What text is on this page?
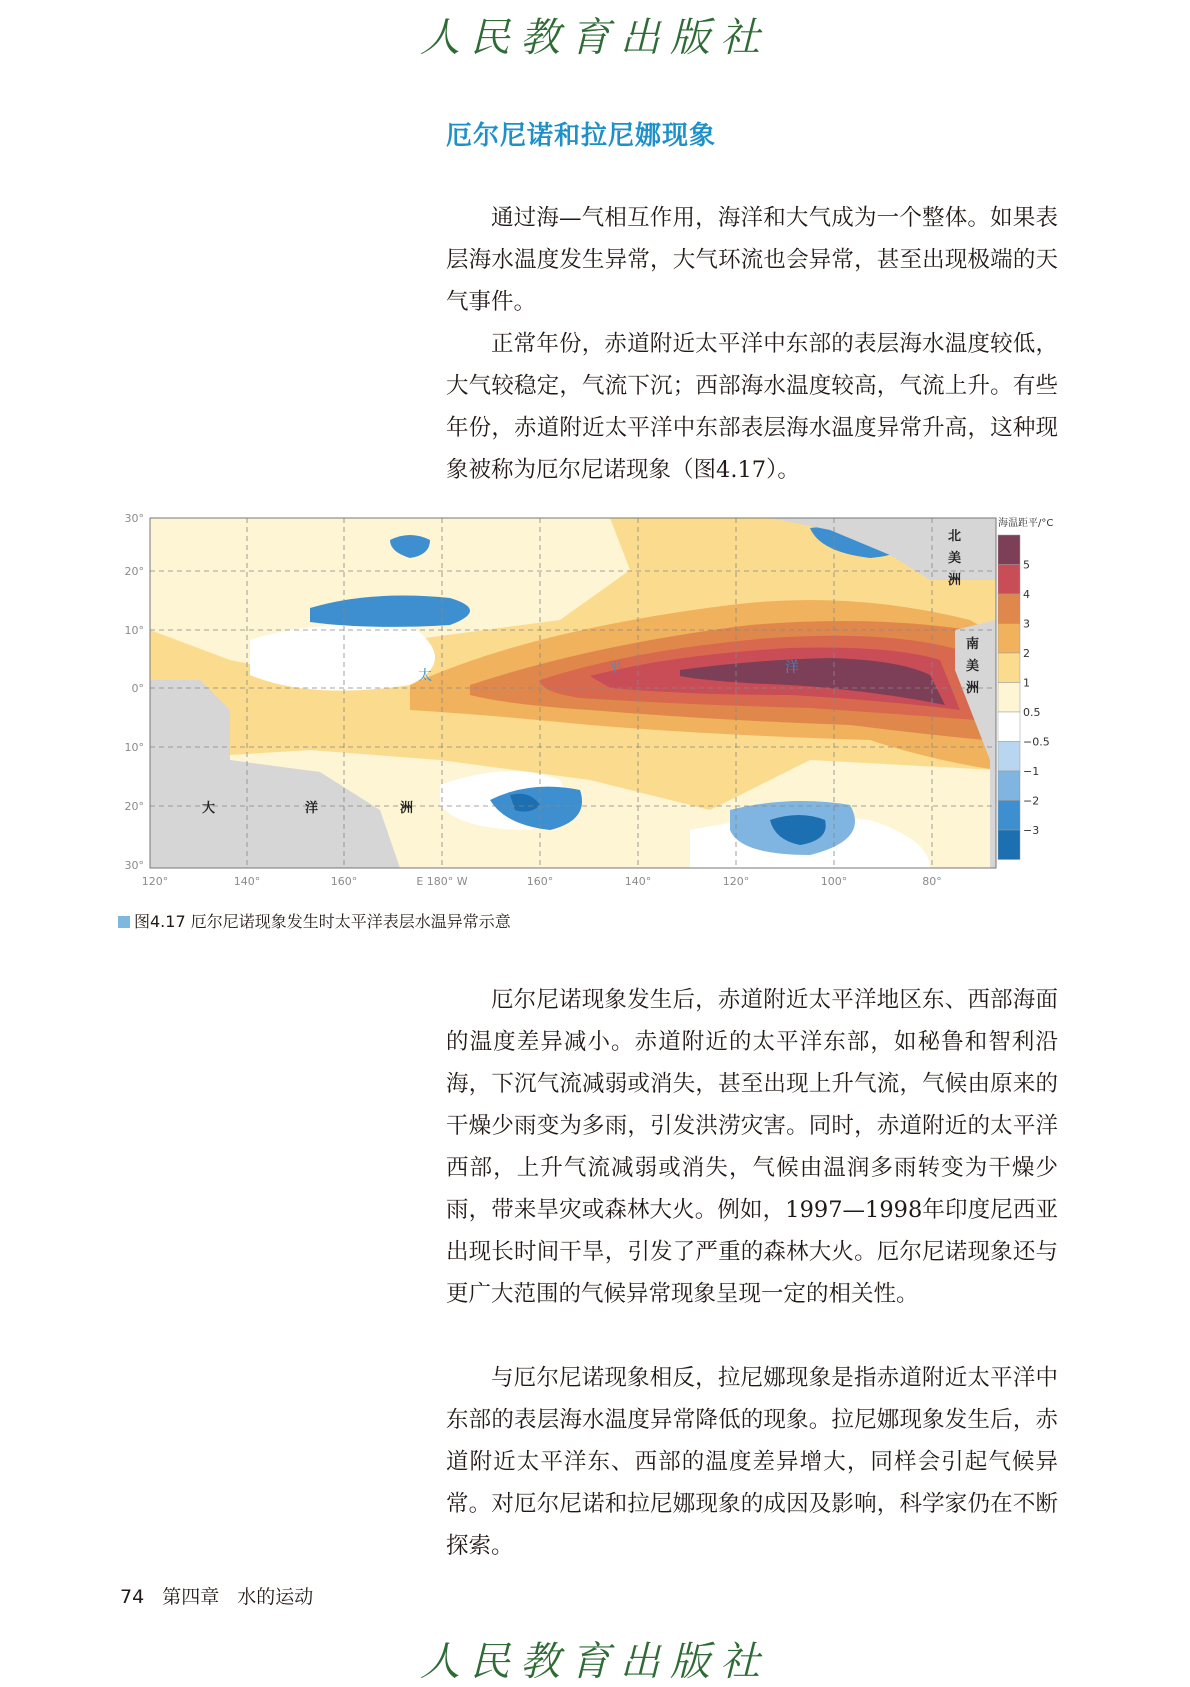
人民教育出版社
厄尔尼诺和拉尼娜现象

通过海—气相互作用，海洋和大气成为一个整体。如果表层海水温度发生异常，大气环流也会异常，甚至出现极端的天气事件。

正常年份，赤道附近太平洋中东部的表层海水温度较低，大气较稳定，气流下沉；西部海水温度较高，气流上升。有些年份，赤道附近太平洋中东部表层海水温度异常升高，这种现象被称为厄尔尼诺现象（图4.17）。

30°
20°
10°
0°
10°
20°
30°
120°	140°	160°	E 180° W	160°	140°	120°	100°	80°
北
美
洲
南
美
洲
大	洋	洲
太	平	洋
海温距平/°C
5
4
3
2
1
0.5
−0.5
−1
−2
−3
图4.17 厄尔尼诺现象发生时太平洋表层水温异常示意

厄尔尼诺现象发生后，赤道附近太平洋地区东、西部海面的温度差异减小。赤道附近的太平洋东部，如秘鲁和智利沿海，下沉气流减弱或消失，甚至出现上升气流，气候由原来的干燥少雨变为多雨，引发洪涝灾害。同时，赤道附近的太平洋西部，上升气流减弱或消失，气候由温润多雨转变为干燥少雨，带来旱灾或森林大火。例如，1997—1998年印度尼西亚出现长时间干旱，引发了严重的森林大火。厄尔尼诺现象还与更广大范围的气候异常现象呈现一定的相关性。

与厄尔尼诺现象相反，拉尼娜现象是指赤道附近太平洋中东部的表层海水温度异常降低的现象。拉尼娜现象发生后，赤道附近太平洋东、西部的温度差异增大，同样会引起气候异常。对厄尔尼诺和拉尼娜现象的成因及影响，科学家仍在不断探索。

74 第四章 水的运动
人民教育出版社
